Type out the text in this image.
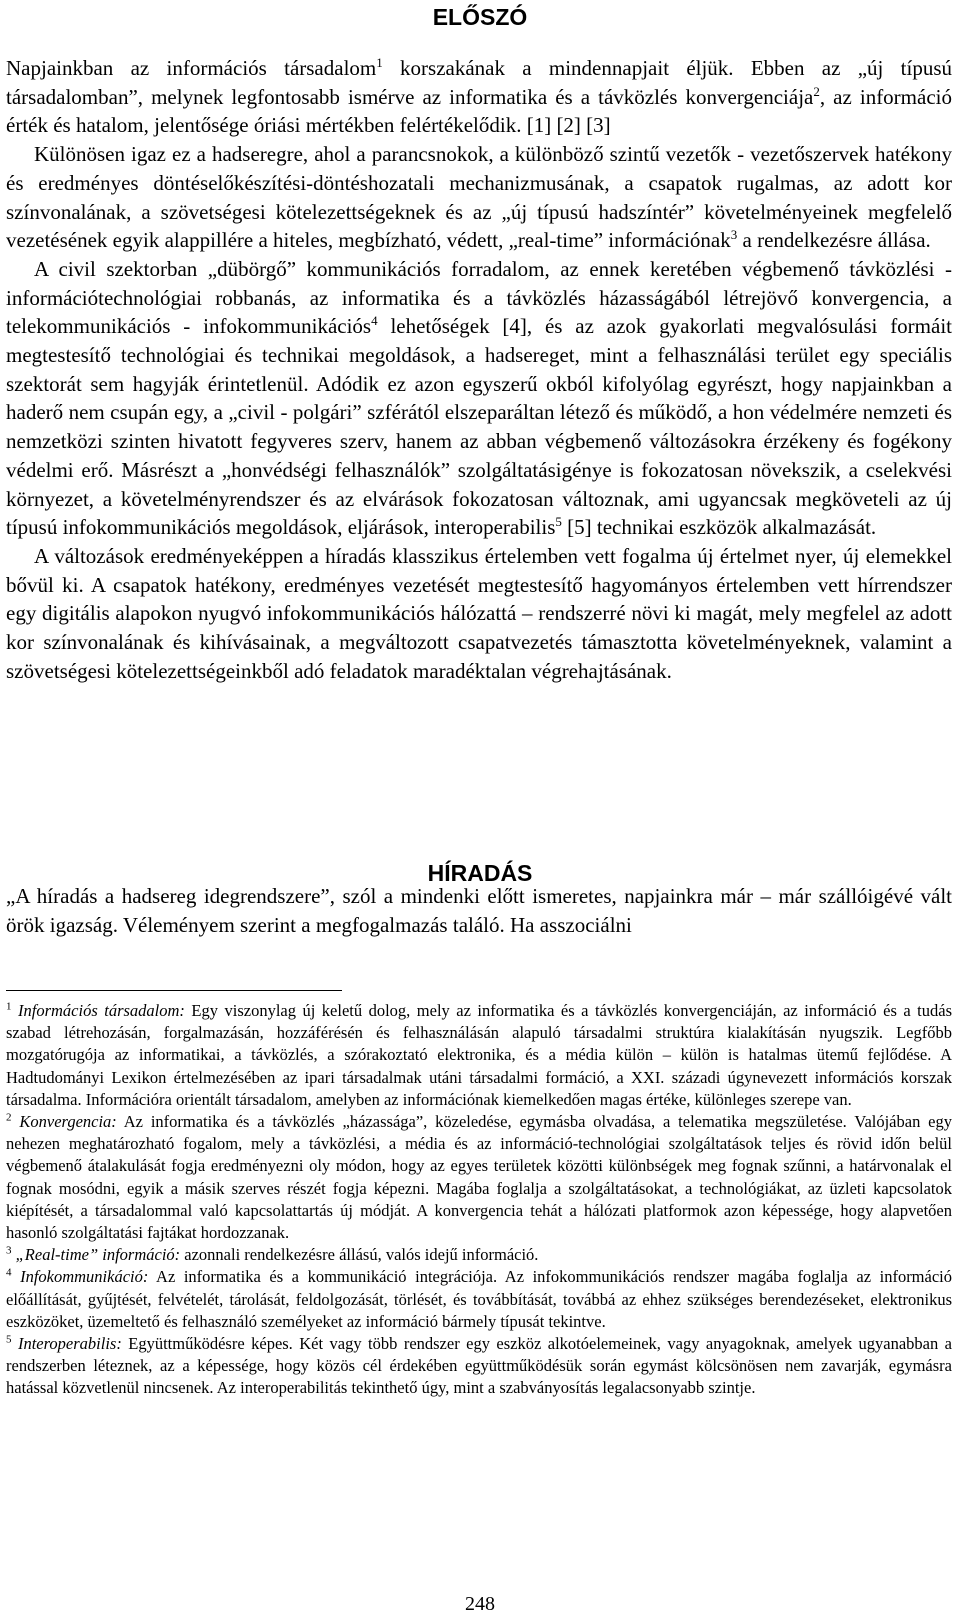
ELŐSZÓ

Napjainkban az információs társadalom$^1$ korszakának a mindennapjait éljük. Ebben az „új típusú társadalomban”, melynek legfontosabb ismérve az informatika és a távközlés konvergenciája$^2$, az információ érték és hatalom, jelentősége óriási mértékben felértékelődik. [1] [2] [3]

Különösen igaz ez a hadseregre, ahol a parancsnokok, a különböző szintű vezetők - vezetőszervek hatékony és eredményes döntéselőkészítési-döntéshozatali mechanizmusának, a csapatok rugalmas, az adott kor színvonalának, a szövetségesi kötelezettségeknek és az „új típusú hadszíntér” követelményeinek megfelelő vezetésének egyik alappillére a hiteles, megbízható, védett, „real-time” információnak$^3$ a rendelkezésre állása.

A civil szektorban „dübörgő” kommunikációs forradalom, az ennek keretében végbemenő távközlési - információtechnológiai robbanás, az informatika és a távközlés házasságából létrejövő konvergencia, a telekommunikációs - infokommunikációs$^4$ lehetőségek [4], és az azok gyakorlati megvalósulási formáit megtestesítő technológiai és technikai megoldások, a hadsereget, mint a felhasználási terület egy speciális szektorát sem hagyják érintetlenül. Adódik ez azon egyszerű okból kifolyólag egyrészt, hogy napjainkban a haderő nem csupán egy, a „civil - polgári” szférától elszeparáltan létező és működő, a hon védelmére nemzeti és nemzetközi szinten hivatott fegyveres szerv, hanem az abban végbemenő változásokra érzékeny és fogékony védelmi erő. Másrészt a „honvédségi felhasználók” szolgáltatásigénye is fokozatosan növekszik, a cselekvési környezet, a követelményrendszer és az elvárások fokozatosan változnak, ami ugyancsak megköveteli az új típusú infokommunikációs megoldások, eljárások, interoperabilis$^5$ [5] technikai eszközök alkalmazását.

A változások eredményeképpen a híradás klasszikus értelemben vett fogalma új értelmet nyer, új elemekkel bővül ki. A csapatok hatékony, eredményes vezetését megtestesítő hagyományos értelemben vett hírrendszer egy digitális alapokon nyugvó infokommunikációs hálózattá – rendszerré növi ki magát, mely megfelel az adott kor színvonalának és kihívásainak, a megváltozott csapatvezetés támasztotta követelményeknek, valamint a szövetségesi kötelezettségeinkből adó feladatok maradéktalan végrehajtásának.

HÍRADÁS

„A híradás a hadsereg idegrendszere”, szól a mindenki előtt ismeretes, napjainkra már – már szállóigévé vált örök igazság. Véleményem szerint a megfogalmazás találó. Ha asszociálni

$^1$ Információs társadalom: Egy viszonylag új keletű dolog, mely az informatika és a távközlés konvergenciáján, az információ és a tudás szabad létrehozásán, forgalmazásán, hozzáférésén és felhasználásán alapuló társadalmi struktúra kialakításán nyugszik. Legfőbb mozgatórugója az informatikai, a távközlés, a szórakoztató elektronika, és a média külön – külön is hatalmas ütemű fejlődése. A Hadtudományi Lexikon értelmezésében az ipari társadalmak utáni társadalmi formáció, a XXI. századi úgynevezett információs korszak társadalma. Információra orientált társadalom, amelyben az információnak kiemelkedően magas értéke, különleges szerepe van.

$^2$ Konvergencia: Az informatika és a távközlés „házassága”, közeledése, egymásba olvadása, a telematika megszületése. Valójában egy nehezen meghatározható fogalom, mely a távközlési, a média és az információ-technológiai szolgáltatások teljes és rövid időn belül végbemenő átalakulását fogja eredményezni oly módon, hogy az egyes területek közötti különbségek meg fognak szűnni, a határvonalak el fognak mosódni, egyik a másik szerves részét fogja képezni. Magába foglalja a szolgáltatásokat, a technológiákat, az üzleti kapcsolatok kiépítését, a társadalommal való kapcsolattartás új módját. A konvergencia tehát a hálózati platformok azon képessége, hogy alapvetően hasonló szolgáltatási fajtákat hordozzanak.

$^3$ „Real-time” információ: azonnali rendelkezésre állású, valós idejű információ.

$^4$ Infokommunikáció: Az informatika és a kommunikáció integrációja. Az infokommunikációs rendszer magába foglalja az információ előállítását, gyűjtését, felvételét, tárolását, feldolgozását, törlését, és továbbítását, továbbá az ehhez szükséges berendezéseket, elektronikus eszközöket, üzemeltető és felhasználó személyeket az információ bármely típusát tekintve.

$^5$ Interoperabilis: Együttműködésre képes. Két vagy több rendszer egy eszköz alkotóelemeinek, vagy anyagoknak, amelyek ugyanabban a rendszerben léteznek, az a képessége, hogy közös cél érdekében együttműködésük során egymást kölcsönösen nem zavarják, egymásra hatással közvetlenül nincsenek. Az interoperabilitás tekinthető úgy, mint a szabványosítás legalacsonyabb szintje.

248
